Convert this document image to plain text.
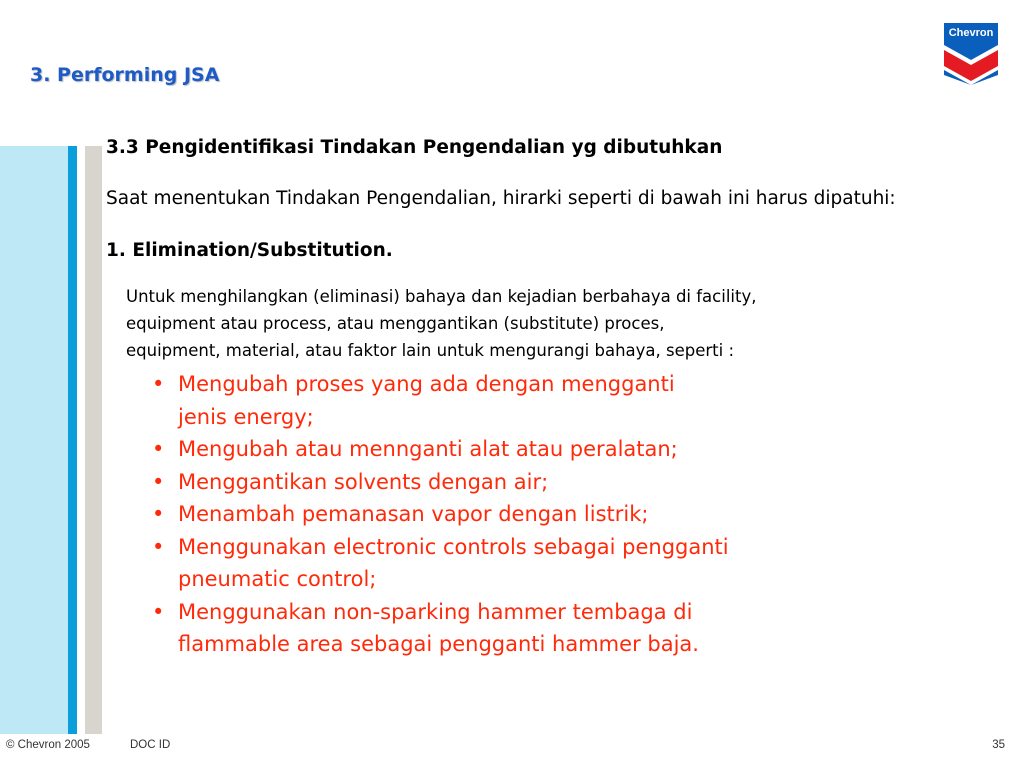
3. Performing JSA
Chevron
3.3 Pengidentifikasi Tindakan Pengendalian yg dibutuhkan
Saat menentukan Tindakan Pengendalian, hirarki seperti di bawah ini harus dipatuhi:
1. Elimination/Substitution.
Untuk menghilangkan (eliminasi) bahaya dan kejadian berbahaya di facility,
equipment atau process, atau menggantikan (substitute) proces,
equipment, material, atau faktor lain untuk mengurangi bahaya, seperti :
• Mengubah proses yang ada dengan mengganti
jenis energy;
• Mengubah atau mennganti alat atau peralatan;
• Menggantikan solvents dengan air;
• Menambah pemanasan vapor dengan listrik;
• Menggunakan electronic controls sebagai pengganti
pneumatic control;
• Menggunakan non-sparking hammer tembaga di
flammable area sebagai pengganti hammer baja.
© Chevron 2005	DOC ID	35
